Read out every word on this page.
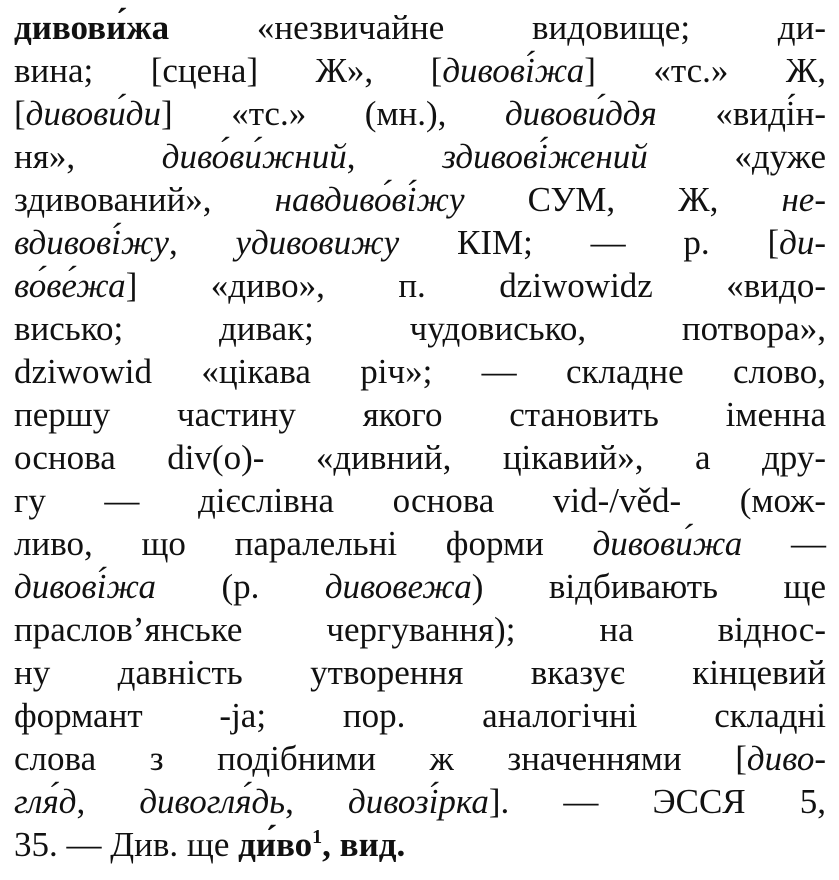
дивови́жа «незвичайне видовище; ди-
вина; [сцена] Ж», [дивові́жа] «тс.» Ж,
[дивови́ди] «тс.» (мн.), дивови́ддя «виді́н-
ня», диво́ви́жний, здивові́жений «дуже
здивований», навдиво́ві́жу СУМ, Ж, не-
вдивові́жу, удивовижу КІМ; — р. [ди-
во́ве́жа] «диво», п. dziwowidz «видо-
висько; дивак; чудовисько, потвора»,
dziwowid «цікава річ»; — складне слово,
першу частину якого становить іменна
основа div(o)- «дивний, цікавий», а дру-
гу — дієслівна основа vid-/věd- (мож-
ливо, що паралельні форми дивови́жа —
дивові́жа (р. дивовежа) відбивають ще
праслов’янське чергування); на віднос-
ну давність утворення вказує кінцевий
формант -ja; пор. аналогічні складні
слова з подібними ж значеннями [диво-
гля́д, дивогля́дь, дивозі́рка]. — ЭССЯ 5,
35. — Див. ще $ди́во^1$, вид.
